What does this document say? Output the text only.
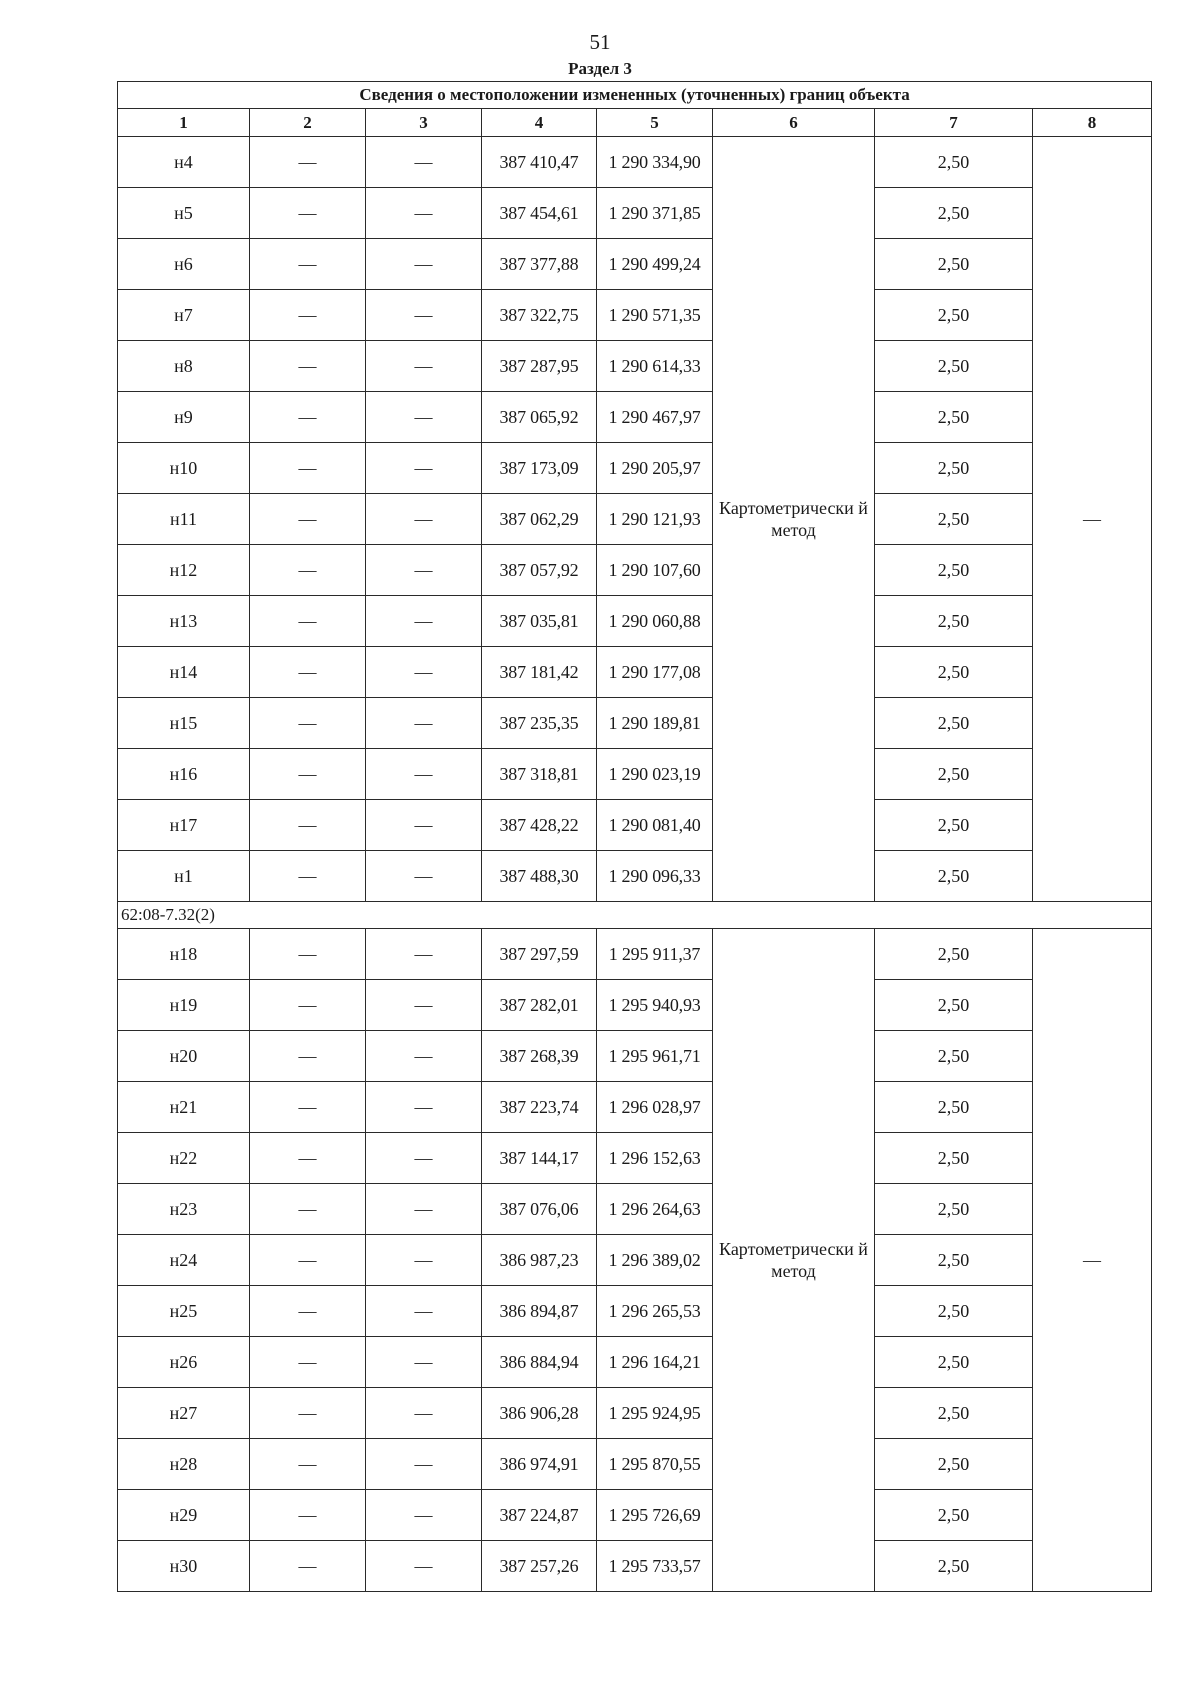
51
Раздел 3
Сведения о местоположении измененных (уточненных) границ объекта							
1	2	3	4	5	6	7	8
н4	—	—	387 410,47	1 290 334,90	Картометрически й метод	2,50	—
н5	—	—	387 454,61	1 290 371,85		2,50	
н6	—	—	387 377,88	1 290 499,24		2,50	
н7	—	—	387 322,75	1 290 571,35		2,50	
н8	—	—	387 287,95	1 290 614,33		2,50	
н9	—	—	387 065,92	1 290 467,97		2,50	
н10	—	—	387 173,09	1 290 205,97		2,50	
н11	—	—	387 062,29	1 290 121,93		2,50	
н12	—	—	387 057,92	1 290 107,60		2,50	
н13	—	—	387 035,81	1 290 060,88		2,50	
н14	—	—	387 181,42	1 290 177,08		2,50	
н15	—	—	387 235,35	1 290 189,81		2,50	
н16	—	—	387 318,81	1 290 023,19		2,50	
н17	—	—	387 428,22	1 290 081,40		2,50	
н1	—	—	387 488,30	1 290 096,33		2,50	
62:08-7.32(2)							
н18	—	—	387 297,59	1 295 911,37	Картометрически й метод	2,50	—
н19	—	—	387 282,01	1 295 940,93		2,50	
н20	—	—	387 268,39	1 295 961,71		2,50	
н21	—	—	387 223,74	1 296 028,97		2,50	
н22	—	—	387 144,17	1 296 152,63		2,50	
н23	—	—	387 076,06	1 296 264,63		2,50	
н24	—	—	386 987,23	1 296 389,02		2,50	
н25	—	—	386 894,87	1 296 265,53		2,50	
н26	—	—	386 884,94	1 296 164,21		2,50	
н27	—	—	386 906,28	1 295 924,95		2,50	
н28	—	—	386 974,91	1 295 870,55		2,50	
н29	—	—	387 224,87	1 295 726,69		2,50	
н30	—	—	387 257,26	1 295 733,57		2,50	
